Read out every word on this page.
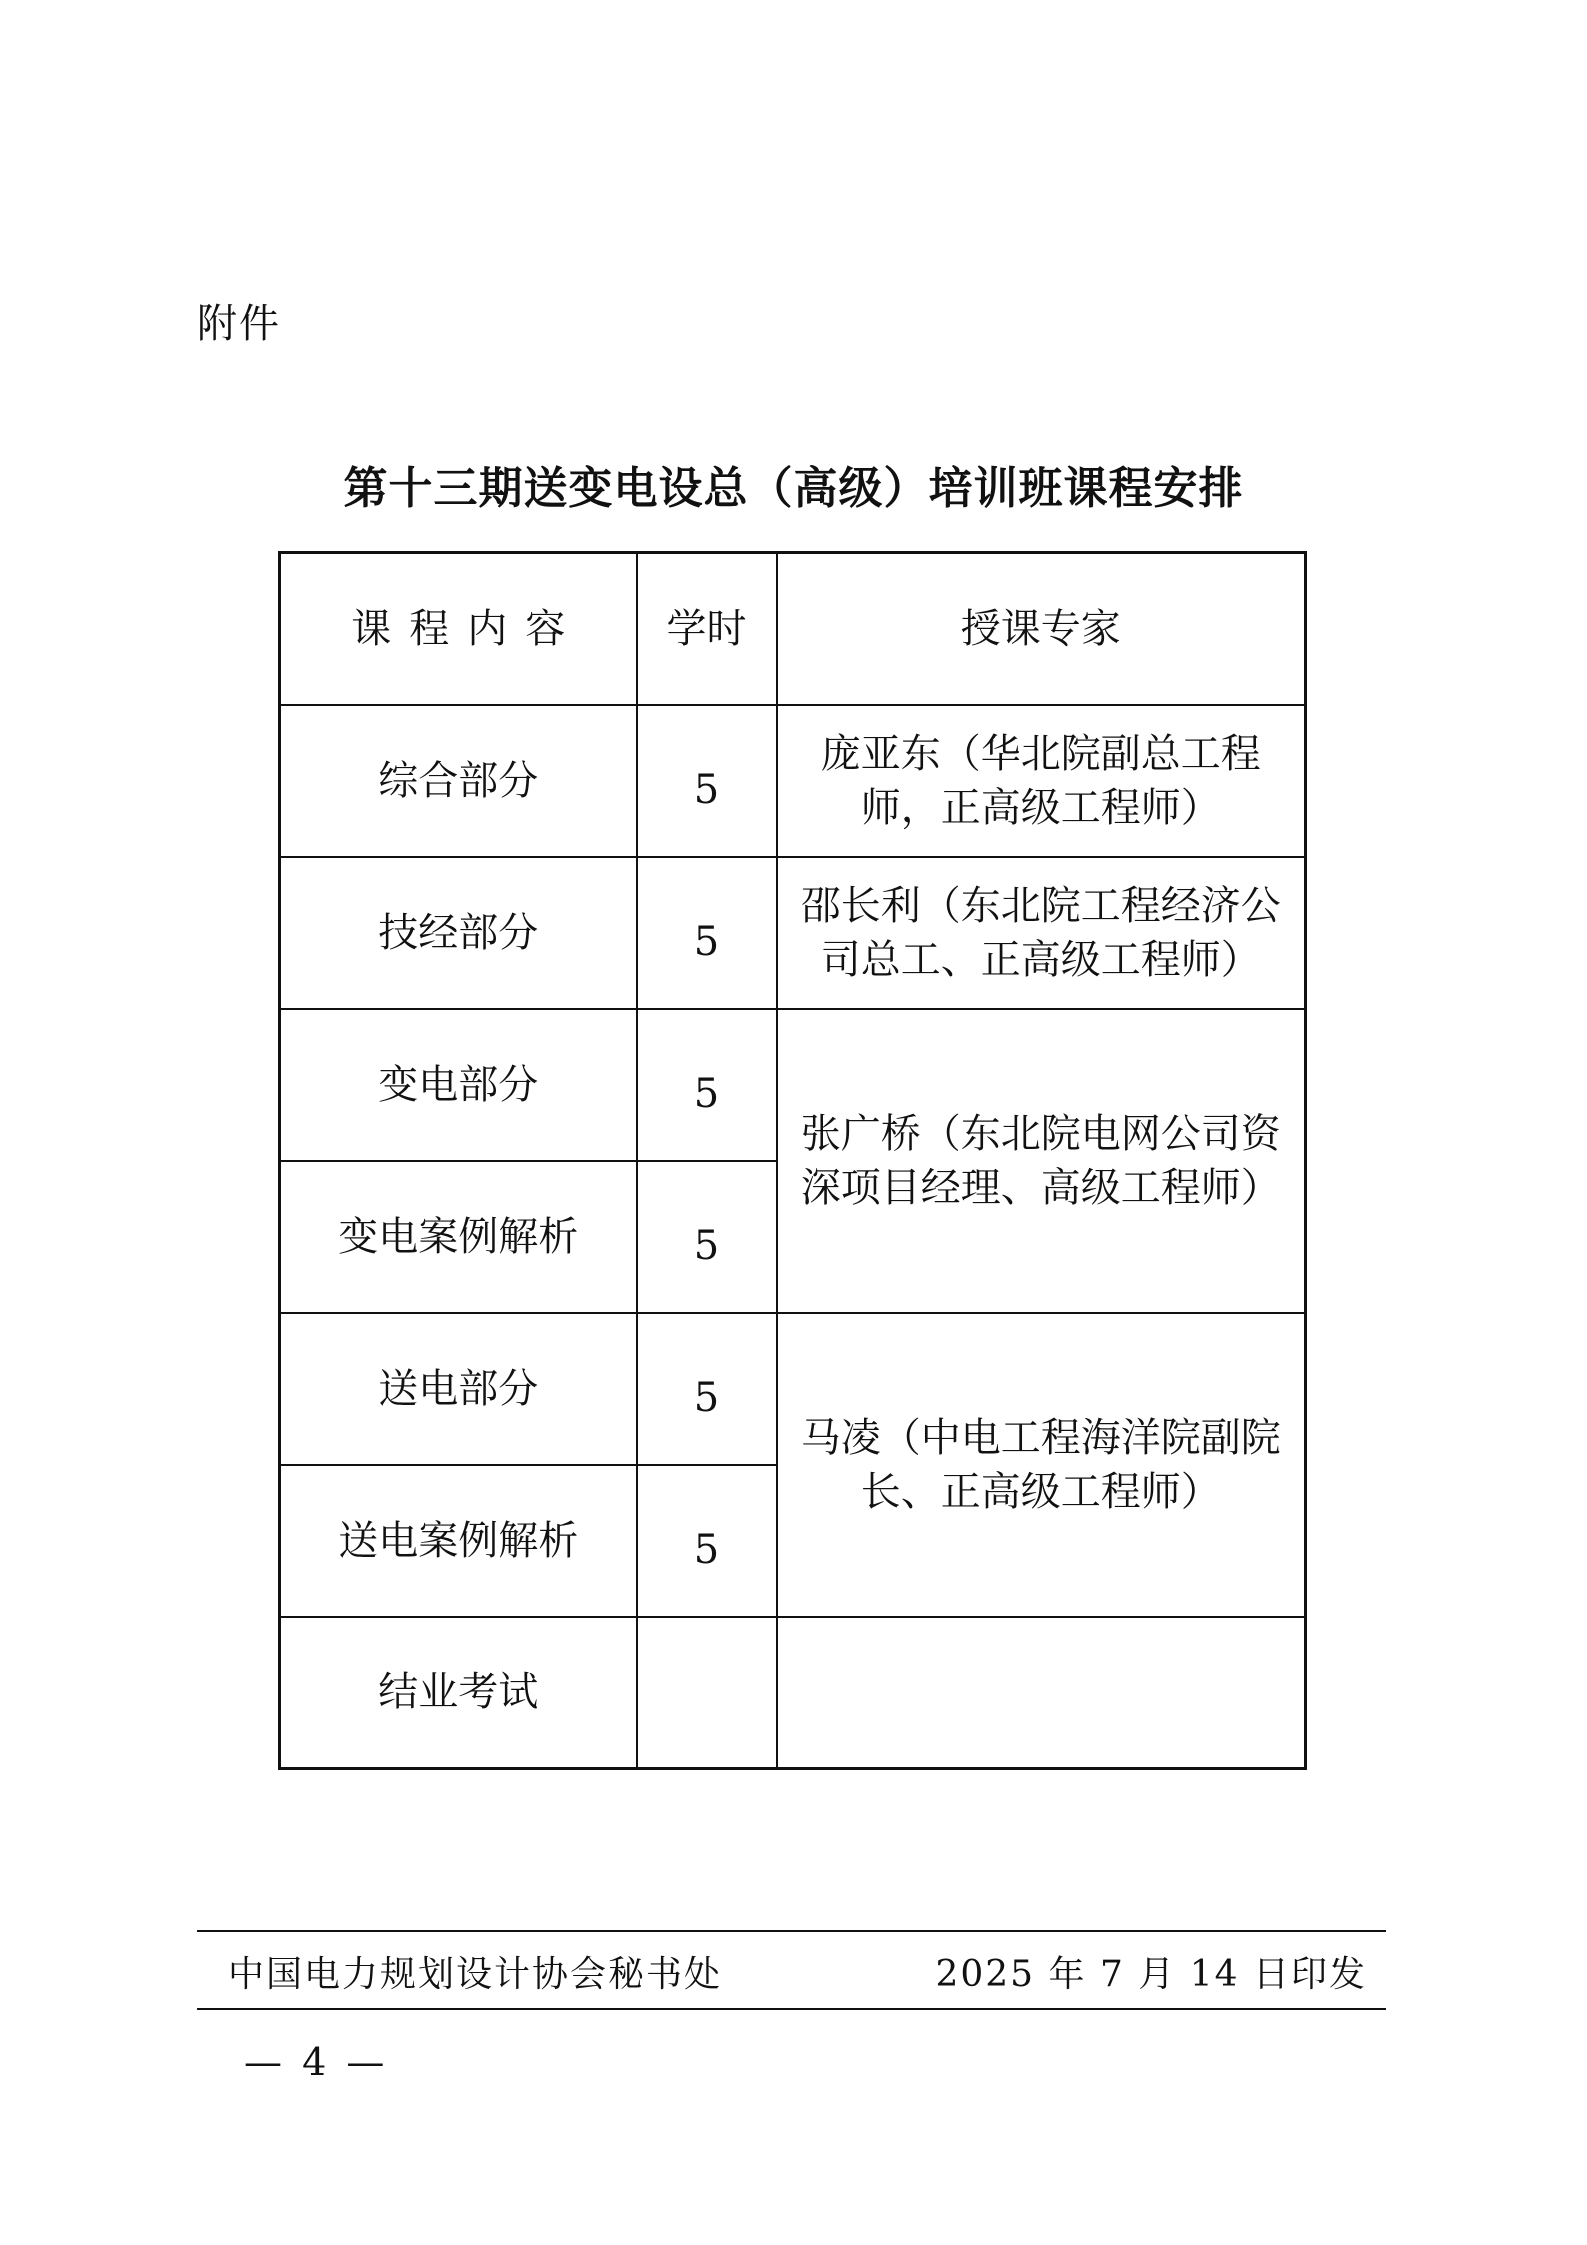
附件
第十三期送变电设总（高级）培训班课程安排
课程内容	学时	授课专家
综合部分	5	庞亚东（华北院副总工程师，正高级工程师）
技经部分	5	邵长利（东北院工程经济公司总工、正高级工程师）
变电部分	5	张广桥（东北院电网公司资深项目经理、高级工程师）
变电案例解析	5	
送电部分	5	马凌（中电工程海洋院副院长、正高级工程师）
送电案例解析	5	
结业考试		
中国电力规划设计协会秘书处	2025 年 7 月 14 日印发
— 4 —
